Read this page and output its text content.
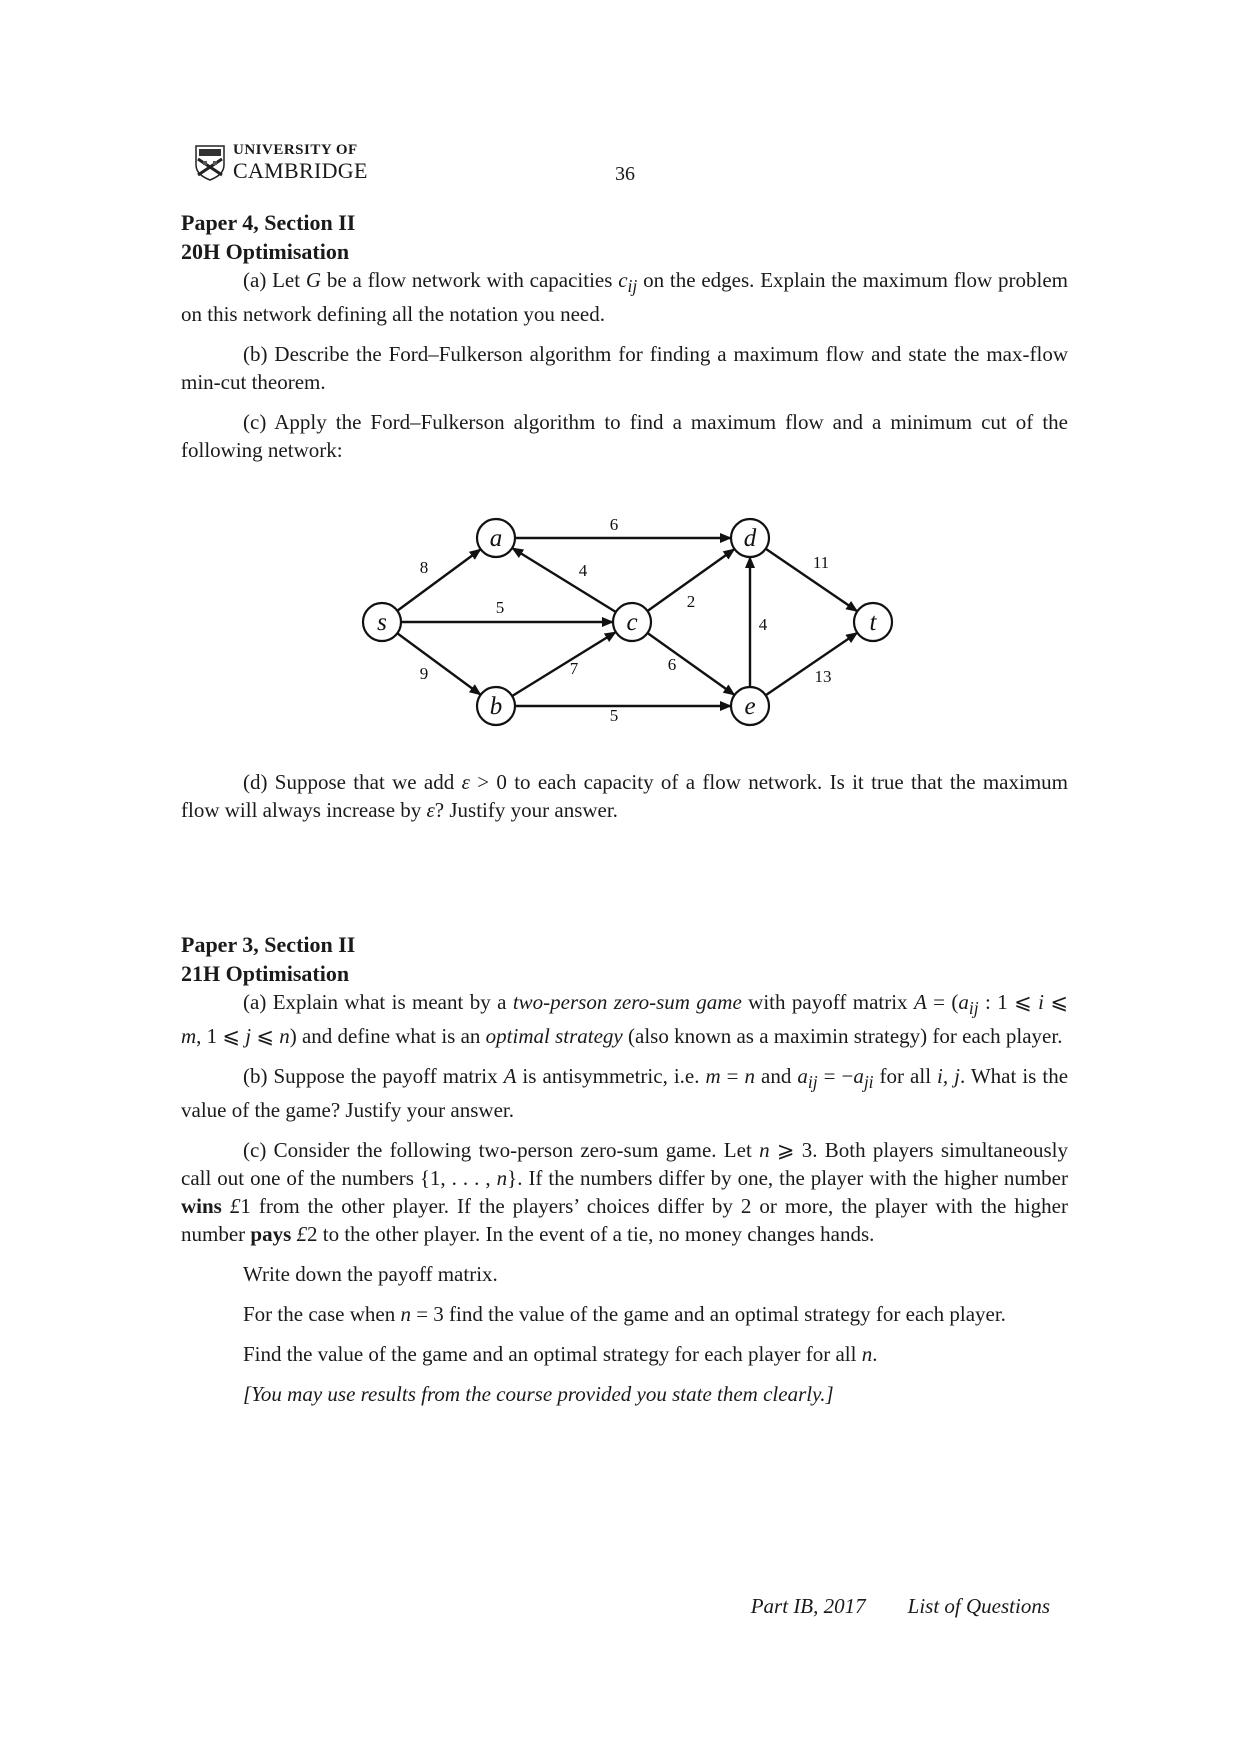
UNIVERSITY OF
CAMBRIDGE	36
Paper 4, Section II
20H Optimisation

(a) Let G be a flow network with capacities $c_{ij}$ on the edges. Explain the maximum flow problem on this network defining all the notation you need.

(b) Describe the Ford–Fulkerson algorithm for finding a maximum flow and state the max-flow min-cut theorem.

(c) Apply the Ford–Fulkerson algorithm to find a maximum flow and a minimum cut of the following network:

s
a
c
d
t
b	e
8
5
9
6
4
7
5
2
6
4
11
13

(d) Suppose that we add ε > 0 to each capacity of a flow network. Is it true that the maximum flow will always increase by ε? Justify your answer.

Paper 3, Section II
21H Optimisation

(a) Explain what is meant by a two-person zero-sum game with payoff matrix $A = (a_{ij}$ : 1 ⩽ i ⩽ m, 1 ⩽ j ⩽ n) and define what is an optimal strategy (also known as a maximin strategy) for each player.

(b) Suppose the payoff matrix A is antisymmetric, i.e. m = n and $a_{ij} = -a_{ji}$ for all i, j. What is the value of the game? Justify your answer.

(c) Consider the following two-person zero-sum game. Let n ⩾ 3. Both players simultaneously call out one of the numbers {1, . . . , n}. If the numbers differ by one, the player with the higher number wins £1 from the other player. If the players’ choices differ by 2 or more, the player with the higher number pays £2 to the other player. In the event of a tie, no money changes hands.

Write down the payoff matrix.

For the case when n = 3 find the value of the game and an optimal strategy for each player.

Find the value of the game and an optimal strategy for each player for all n.

[You may use results from the course provided you state them clearly.]

Part IB, 2017 List of Questions
